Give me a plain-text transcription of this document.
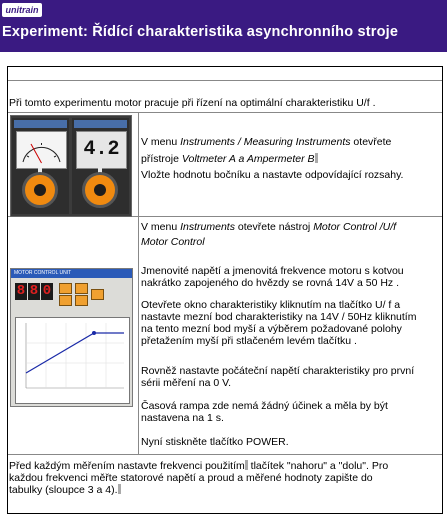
unitrain
Experiment: Řídící charakteristika asynchronního stroje
Při tomto experimentu motor pracuje při řízení na optimální charakteristiku U/f .
4.2	V menu Instruments / Measuring Instruments otevřete
přístroje Voltmeter A a Ampermeter B
Vložte hodnotu bočníku a nastavte odpovídající rozsahy.
MOTOR CONTROL UNIT
8 8 0
V menu Instruments otevřete nástroj Motor Control /U/f
Motor Control
Jmenovité napětí a jmenovitá frekvence motoru s kotvou
nakrátko zapojeného do hvězdy se rovná 14V a 50 Hz .
Otevřete okno charakteristiky kliknutím na tlačítko U/ f a
nastavte mezní bod charakteristiky na 14V / 50Hz kliknutím
na tento mezní bod myší a výběrem požadované polohy
přetažením myší při stlačeném levém tlačítku .
Rovněž nastavte počáteční napětí charakteristiky pro první
sérii měření na 0 V.
Časová rampa zde nemá žádný účinek a měla by být
nastavena na 1 s.
Nyní stiskněte tlačítko POWER.
Před každým měřením nastavte frekvenci použitím tlačítek "nahoru" a "dolu". Pro
každou frekvenci měřte statorové napětí a proud a měřené hodnoty zapište do
tabulky (sloupce 3 a 4).
